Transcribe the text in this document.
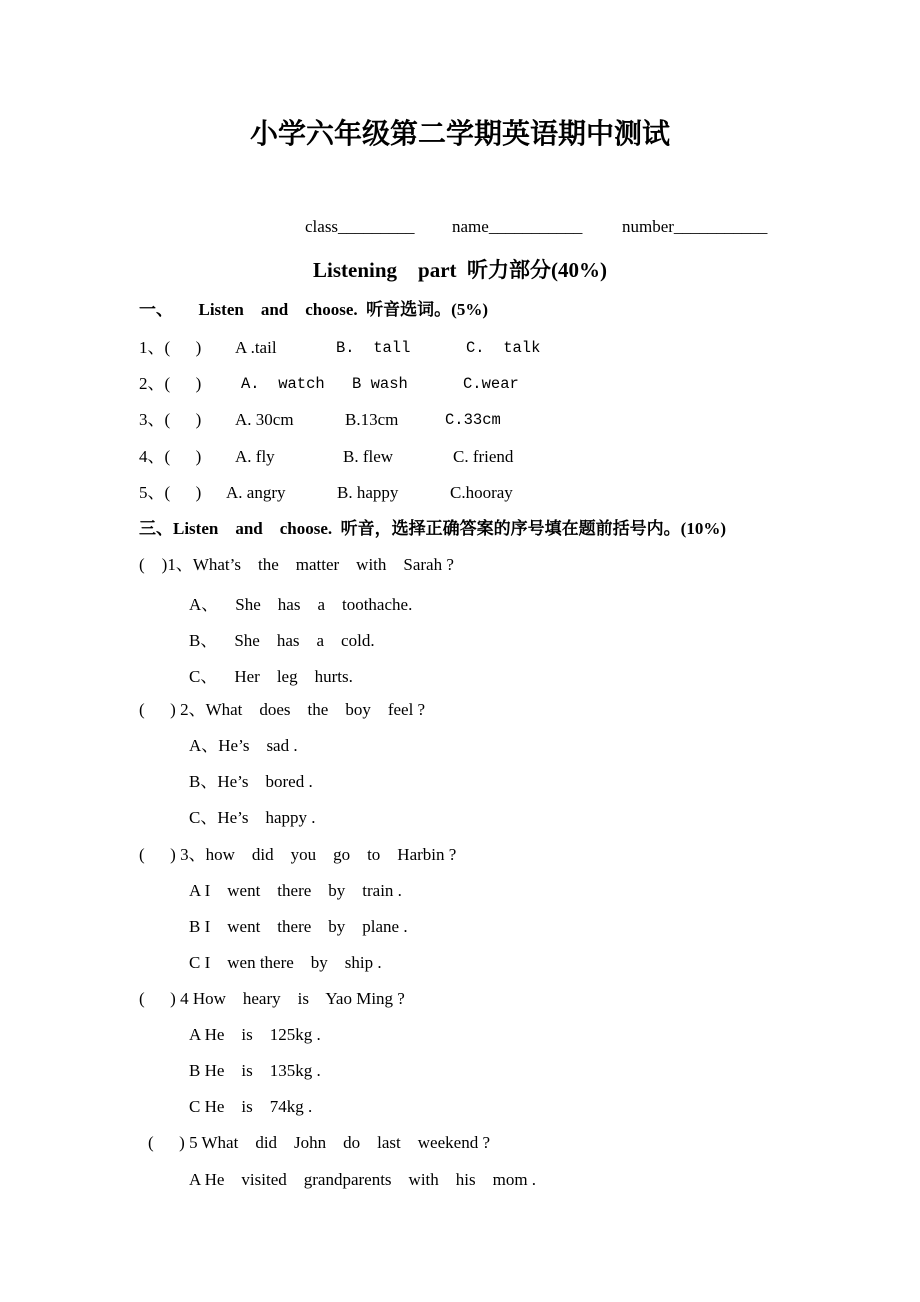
小学六年级第二学期英语期中测试
class_________ name___________ number___________
Listening    part  听力部分(40%)
一、      Listen    and    choose.  听音选词。(5%)
1、(      ) A .tail	B.  tall	C.  talk
2、(      )	A.  watch B wash	C.wear
3、(      ) A. 30cm	B.13cm	C.33cm
4、(      ) A. fly	B. flew	C. friend
5、(      ) A. angry	B. happy	C.hooray
三、Listen    and    choose.  听音，选择正确答案的序号填在题前括号内。(10%)
(    )1、What’s    the    matter    with    Sarah ?
A、    She    has    a    toothache.
B、    She    has    a    cold.
C、    Her    leg    hurts.
(      ) 2、What    does    the    boy    feel ?
A、He’s    sad .
B、He’s    bored .
C、He’s    happy .
(      ) 3、how    did    you    go    to    Harbin ?
A I    went    there    by    train .
B I    went    there    by    plane .
C I    wen there    by    ship .
(      ) 4 How    heary    is    Yao Ming ?
A He    is    125kg .
B He    is    135kg .
C He    is    74kg .
(      ) 5 What    did    John    do    last    weekend ?
A He    visited    grandparents    with    his    mom .
